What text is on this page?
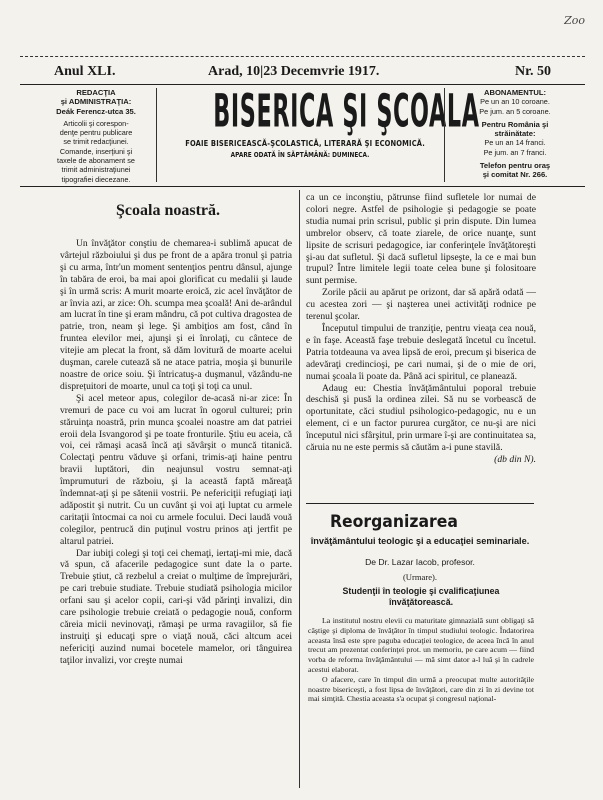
Zoo
Anul XLI.	Arad, 10|23 Decemvrie 1917.	Nr. 50
REDACŢIA
şi ADMINISTRAŢIA:
Deák Ferencz-utca 35.

Articolii şi corespon-
denţe pentru publicare
se trimit redacţiunei.
Comande, inserţiuni şi
taxele de abonament se
trimit administraţiunei
tipografiei diecezane.
BISERICA ŞI ŞCOALA
FOAIE BISERICEASCĂ-ŞCOLASTICĂ, LITERARĂ ŞI ECONOMICĂ.
APARE ODATĂ ÎN SĂPTĂMÂNĂ: DUMINECA.
ABONAMENTUL:
Pe un an 10 coroane.
Pe jum. an 5 coroane.

Pentru România şi
străinătate:
Pe un an 14 franci.
Pe jum. an 7 franci.

Telefon pentru oraş
şi comitat Nr. 266.
Şcoala noastră.

Un învăţător conştiu de chemarea-i sublimă apucat de vârtejul războiului şi dus pe front de a apăra tronul şi patria şi cu arma, într'un moment sentenţios pentru dânsul, ajunge în tabăra de eroi, ba mai apoi glorificat cu medalii şi laude şi în urmă scris: A murit moarte eroică, zic acel învăţător de ar învia azi, ar zice: Oh. scumpa mea şcoală! Ani de-arândul am lucrat în tine şi eram mândru, că pot cultiva dragostea de patrie, tron, neam şi lege. Şi ambiţios am fost, când în fruntea elevilor mei, ajunşi şi ei înrolaţi, cu cântece de vitejie am plecat la front, să dăm lovitură de moarte acelui duşman, carele cutează să ne atace patria, moşia şi bunurile noastre de orice soiu. Şi întricatuş-a duşmanul, văzându-ne disprețuitori de moarte, unul ca toţi şi toţi ca unul.

Şi acel meteor apus, colegilor de-acasă ni-ar zice: În vremuri de pace cu voi am lucrat în ogorul culturei; prin stăruinţa noastră, prin munca şcoalei noastre am dat patriei eroii dela Isvangorod şi pe toate fronturile. Ştiu eu aceia, că voi, cei rămaşi acasă încă aţi săvârşit o muncă titanică. Colectaţi pentru văduve şi orfani, trimis-aţi haine pentru bravii luptători, din neajunsul vostru semnat-aţi împrumuturi de războiu, şi la această faptă măreaţă îndemnat-aţi şi pe sătenii vostrii. Pe nefericiţii refugiaţi iaţi adăpostit şi nutrit. Cu un cuvânt şi voi aţi luptat cu armele caritaţii întocmai ca noi cu armele focului. Deci laudă vouă colegilor, pentrucă din puţinul vostru prinos aţi jertfit pe altarul patriei.

Dar iubiţi colegi şi toţi cei chemaţi, iertaţi-mi mie, dacă vă spun, că afacerile pedagogice sunt date la o parte. Trebuie ştiut, că rezbelul a creiat o mulţime de împrejurări, pe cari trebuie studiate. Trebuie studiată psihologia micilor orfani sau şi acelor copii, cari-şi văd părinţi invalizi, din care psihologie trebuie creiată o pedagogie nouă, conform căreia micii nevinovaţi, rămaşi pe urma ravagiilor, să fie instruiţi şi educaţi spre o viaţă nouă, căci altcum acei nefericiţi auzind numai bocetele mamelor, ori tânguirea taţilor invalizi, vor creşte numai

ca un ce inconştiu, pătrunse fiind sufletele lor numai de colori negre. Astfel de psihologie şi pedagogie se poate studia numai prin scrisul, public şi prin dispute. Din lumea umbrelor observ, că toate ziarele, de orice nuanţe, sunt lipsite de scrisuri pedagogice, iar conferinţele învăţătoreşti şi-au dat sufletul. Şi dacă sufletul lipseşte, la ce e mai bun trupul? Între limitele legii toate celea bune şi folositoare sunt permise.

Zorile păcii au apărut pe orizont, dar să apără odată — cu acestea zori — şi naşterea unei activităţi rodnice pe terenul şcolar.

Începutul timpului de tranziţie, pentru vieaţa cea nouă, e în faşe. Această faşe trebuie deslegată încetul cu încetul. Patria totdeauna va avea lipsă de eroi, precum şi biserica de adevăraţi credincioşi, pe cari numai, şi de o mie de ori, numai şcoala îi poate da. Până aci spiritul, ce planează.

Adaug eu: Chestia învăţământului poporal trebuie deschisă şi pusă la ordinea zilei. Să nu se vorbească de oportunitate, căci studiul psihologico-pedagogic, nu e un element, ci e un factor pururea curgător, ce nu-şi are nici începutul nici sfârşitul, prin urmare î-şi are continuitatea sa, căruia nu ne este permis să căutăm a-i pune stavilă.

(db din N).
Reorganizarea
învăţământului teologic şi a educaţiei seminariale.
De Dr. Lazar Iacob, profesor.
(Urmare).
Studenţii în teologie şi cvalificaţiunea învăţătorească.

La institutul nostru elevii cu maturitate gimnazială sunt obligaţi să câştige şi diploma de învăţător în timpul studiului teologic. Îndatorirea aceasta însă este spre paguba educaţiei teologice, de aceea încă în anul trecut am prezentat conferinţei prot. un memoriu, pe care acum — fiind vorba de reforma învăţământului — mă simt dator a-l luă şi în cadrele acestui elaborat.

O afacere, care în timpul din urmă a preocupat multe autorităţile noastre bisericeşti, a fost lipsa de învăţători, care din zi în zi devine tot mai simţită. Chestia aceasta s'a ocupat şi congresul naţional-
